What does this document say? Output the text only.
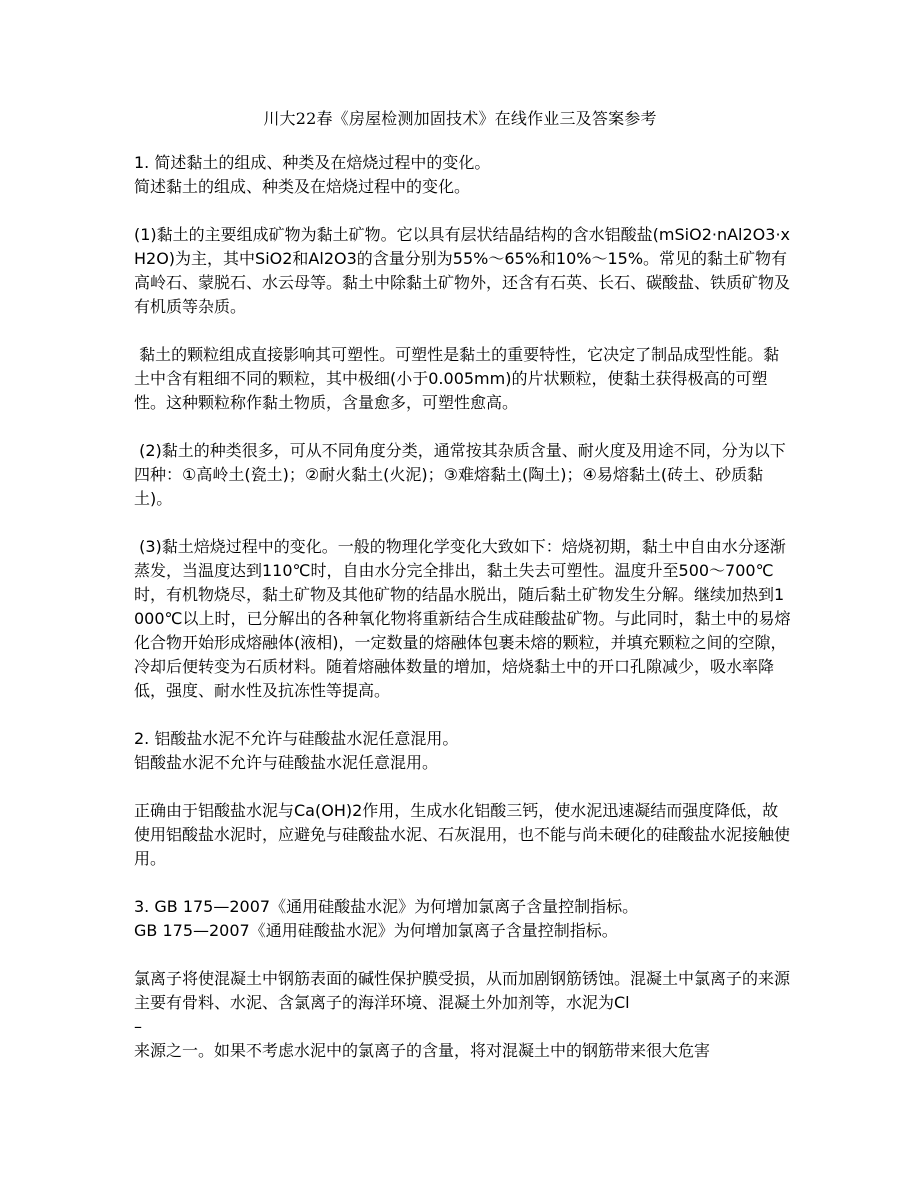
川大22春《房屋检测加固技术》在线作业三及答案参考

1. 简述黏土的组成、种类及在焙烧过程中的变化。

简述黏土的组成、种类及在焙烧过程中的变化。

(1)黏土的主要组成矿物为黏土矿物。它以具有层状结晶结构的含水铝酸盐(mSiO2·nAl2O3·xH2O)为主，其中SiO2和Al2O3的含量分别为55%～65%和10%～15%。常见的黏土矿物有高岭石、蒙脱石、水云母等。黏土中除黏土矿物外，还含有石英、长石、碳酸盐、铁质矿物及有机质等杂质。

黏土的颗粒组成直接影响其可塑性。可塑性是黏土的重要特性，它决定了制品成型性能。黏土中含有粗细不同的颗粒，其中极细(小于0.005mm)的片状颗粒，使黏土获得极高的可塑性。这种颗粒称作黏土物质，含量愈多，可塑性愈高。

(2)黏土的种类很多，可从不同角度分类，通常按其杂质含量、耐火度及用途不同，分为以下四种：①高岭土(瓷土)；②耐火黏土(火泥)；③难熔黏土(陶土)；④易熔黏土(砖土、砂质黏土)。

(3)黏土焙烧过程中的变化。一般的物理化学变化大致如下：焙烧初期，黏土中自由水分逐渐蒸发，当温度达到110℃时，自由水分完全排出，黏土失去可塑性。温度升至500～700℃时，有机物烧尽，黏土矿物及其他矿物的结晶水脱出，随后黏土矿物发生分解。继续加热到1000℃以上时，已分解出的各种氧化物将重新结合生成硅酸盐矿物。与此同时，黏土中的易熔化合物开始形成熔融体(液相)，一定数量的熔融体包裹未熔的颗粒，并填充颗粒之间的空隙，冷却后便转变为石质材料。随着熔融体数量的增加，焙烧黏土中的开口孔隙减少，吸水率降低，强度、耐水性及抗冻性等提高。

2. 铝酸盐水泥不允许与硅酸盐水泥任意混用。

铝酸盐水泥不允许与硅酸盐水泥任意混用。

正确由于铝酸盐水泥与Ca(OH)2作用，生成水化铝酸三钙，使水泥迅速凝结而强度降低，故使用铝酸盐水泥时，应避免与硅酸盐水泥、石灰混用，也不能与尚未硬化的硅酸盐水泥接触使用。

3. GB 175—2007《通用硅酸盐水泥》为何增加氯离子含量控制指标。

GB 175—2007《通用硅酸盐水泥》为何增加氯离子含量控制指标。

氯离子将使混凝土中钢筋表面的碱性保护膜受损，从而加剧钢筋锈蚀。混凝土中氯离子的来源主要有骨料、水泥、含氯离子的海洋环境、混凝土外加剂等，水泥为Cl

–

来源之一。如果不考虑水泥中的氯离子的含量，将对混凝土中的钢筋带来很大危害
